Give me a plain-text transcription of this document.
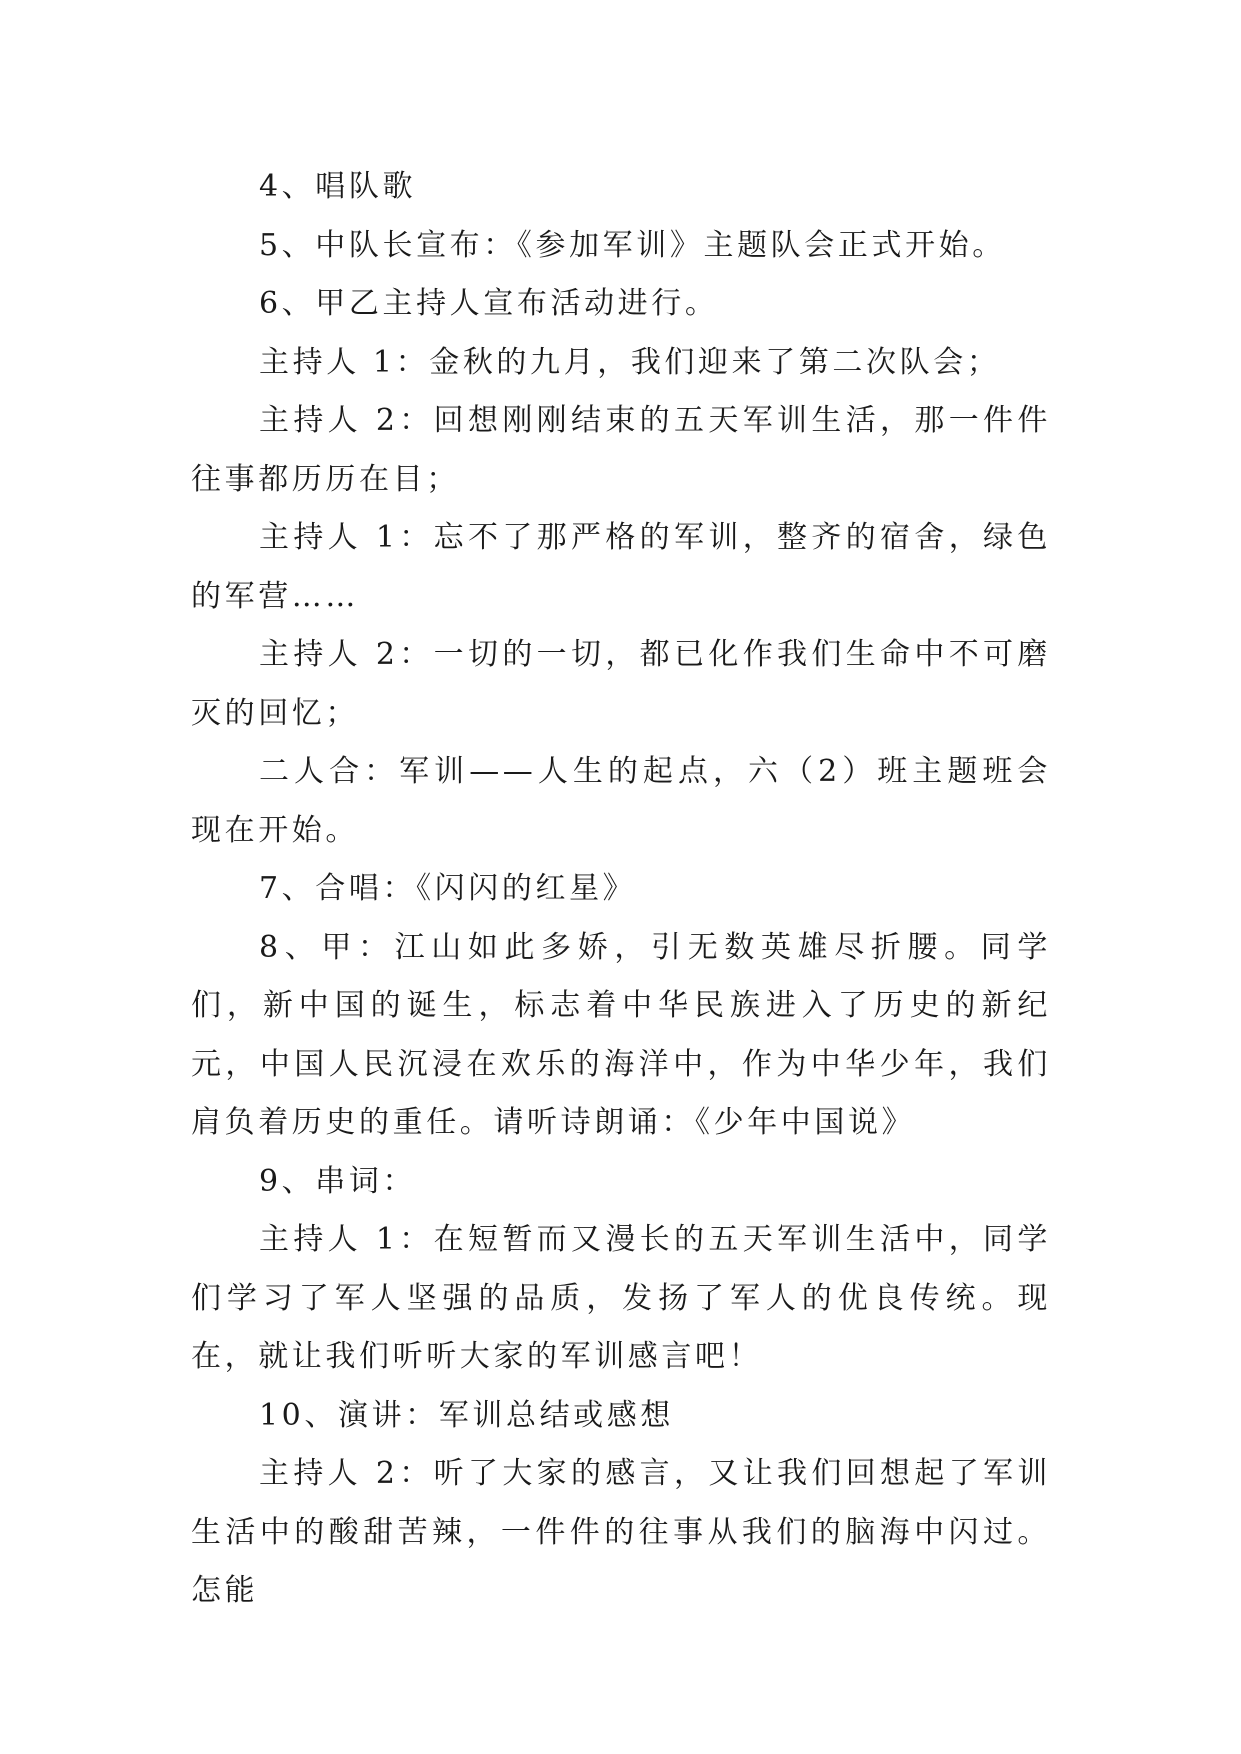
4、唱队歌

5、中队长宣布：《参加军训》主题队会正式开始。

6、甲乙主持人宣布活动进行。

主持人 1：金秋的九月，我们迎来了第二次队会；

主持人 2：回想刚刚结束的五天军训生活，那一件件往事都历历在目；

主持人 1：忘不了那严格的军训，整齐的宿舍，绿色的军营……

主持人 2：一切的一切，都已化作我们生命中不可磨灭的回忆；

二人合：军训——人生的起点，六（2）班主题班会现在开始。

7、合唱：《闪闪的红星》

8、甲：江山如此多娇，引无数英雄尽折腰。同学们，新中国的诞生，标志着中华民族进入了历史的新纪元，中国人民沉浸在欢乐的海洋中，作为中华少年，我们肩负着历史的重任。请听诗朗诵：《少年中国说》

9、串词：

主持人 1：在短暂而又漫长的五天军训生活中，同学们学习了军人坚强的品质，发扬了军人的优良传统。现在，就让我们听听大家的军训感言吧！

10、演讲：军训总结或感想

主持人 2：听了大家的感言，又让我们回想起了军训生活中的酸甜苦辣，一件件的往事从我们的脑海中闪过。怎能
